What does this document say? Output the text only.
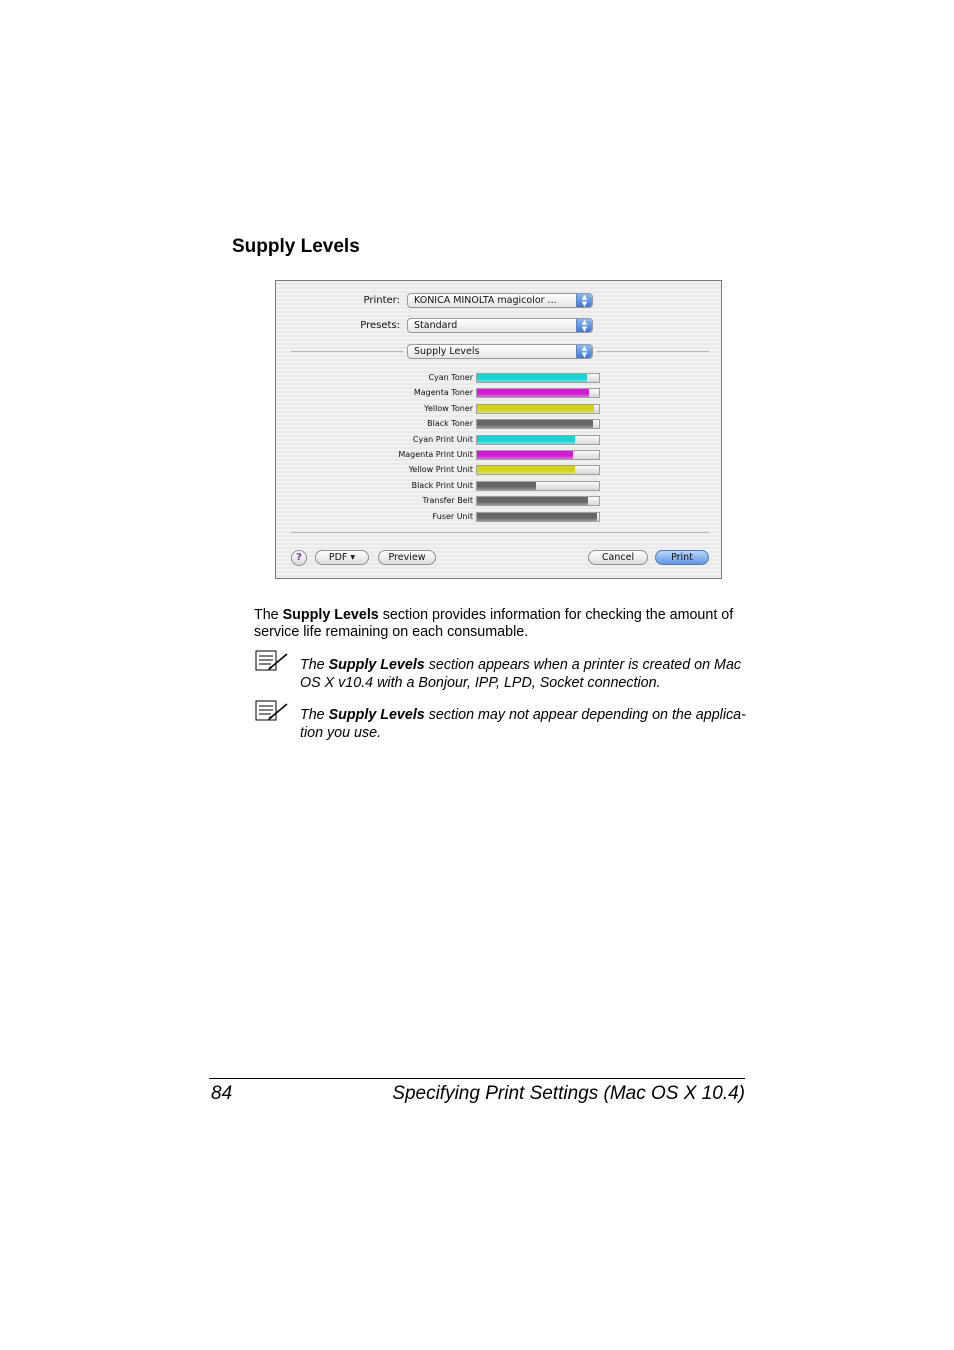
Supply Levels
Printer:	KONICA MINOLTA magicolor ...	▲
▼
Presets:	Standard	▲
▼
Supply Levels	▲
▼
Cyan Toner
Magenta Toner
Yellow Toner
Black Toner
Cyan Print Unit
Magenta Print Unit
Yellow Print Unit
Black Print Unit
Transfer Belt
Fuser Unit
?	PDF ▾	Preview	Cancel	Print
The Supply Levels section provides information for checking the amount of service life remaining on each consumable.
The Supply Levels section appears when a printer is created on Mac OS X v10.4 with a Bonjour, IPP, LPD, Socket connection.
The Supply Levels section may not appear depending on the applica-tion you use.
84	Specifying Print Settings (Mac OS X 10.4)
